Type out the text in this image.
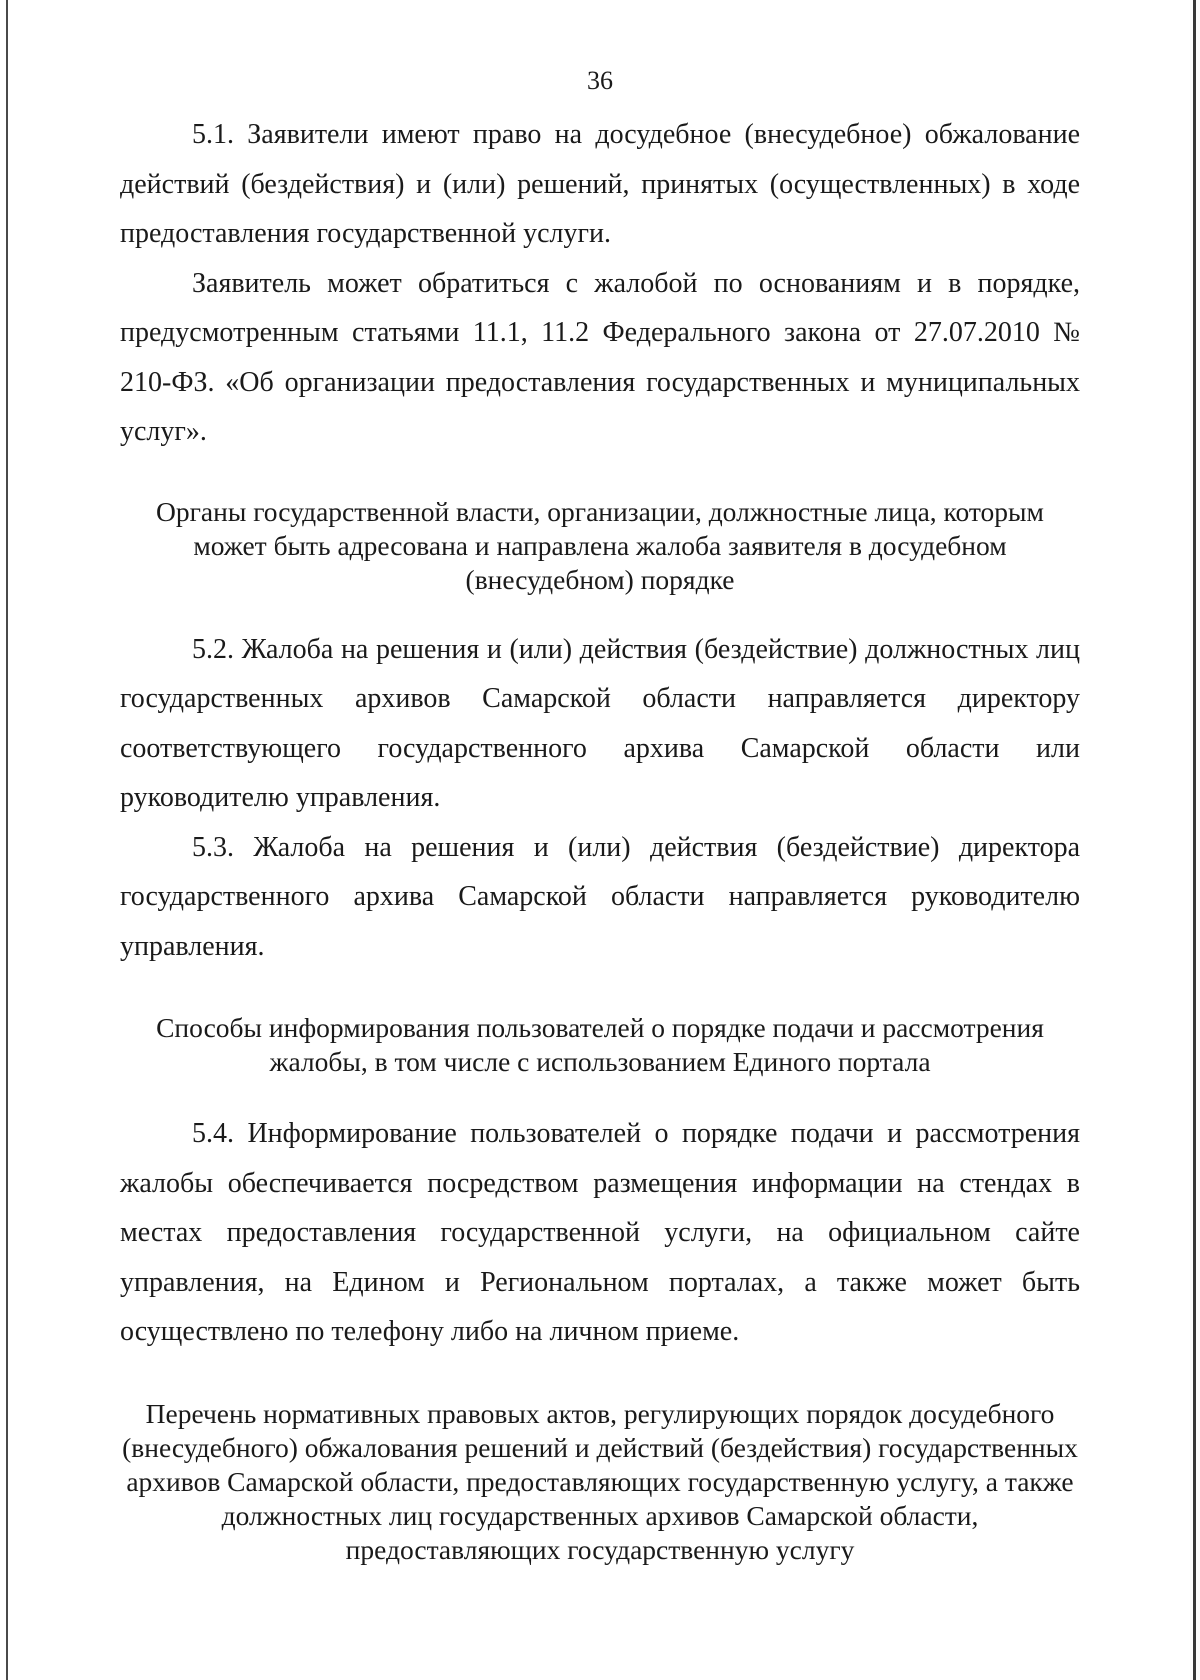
36

5.1. Заявители имеют право на досудебное (внесудебное) обжалование действий (бездействия) и (или) решений, принятых (осуществленных) в ходе предоставления государственной услуги.

Заявитель может обратиться с жалобой по основаниям и в порядке, предусмотренным статьями 11.1, 11.2 Федерального закона от 27.07.2010 № 210-ФЗ. «Об организации предоставления государственных и муниципальных услуг».

Органы государственной власти, организации, должностные лица, которым может быть адресована и направлена жалоба заявителя в досудебном (внесудебном) порядке

5.2. Жалоба на решения и (или) действия (бездействие) должностных лиц государственных архивов Самарской области направляется директору соответствующего государственного архива Самарской области или руководителю управления.

5.3. Жалоба на решения и (или) действия (бездействие) директора государственного архива Самарской области направляется руководителю управления.

Способы информирования пользователей о порядке подачи и рассмотрения жалобы, в том числе с использованием Единого портала

5.4. Информирование пользователей о порядке подачи и рассмотрения жалобы обеспечивается посредством размещения информации на стендах в местах предоставления государственной услуги, на официальном сайте управления, на Едином и Региональном порталах, а также может быть осуществлено по телефону либо на личном приеме.

Перечень нормативных правовых актов, регулирующих порядок досудебного (внесудебного) обжалования решений и действий (бездействия) государственных архивов Самарской области, предоставляющих государственную услугу, а также должностных лиц государственных архивов Самарской области, предоставляющих государственную услугу
